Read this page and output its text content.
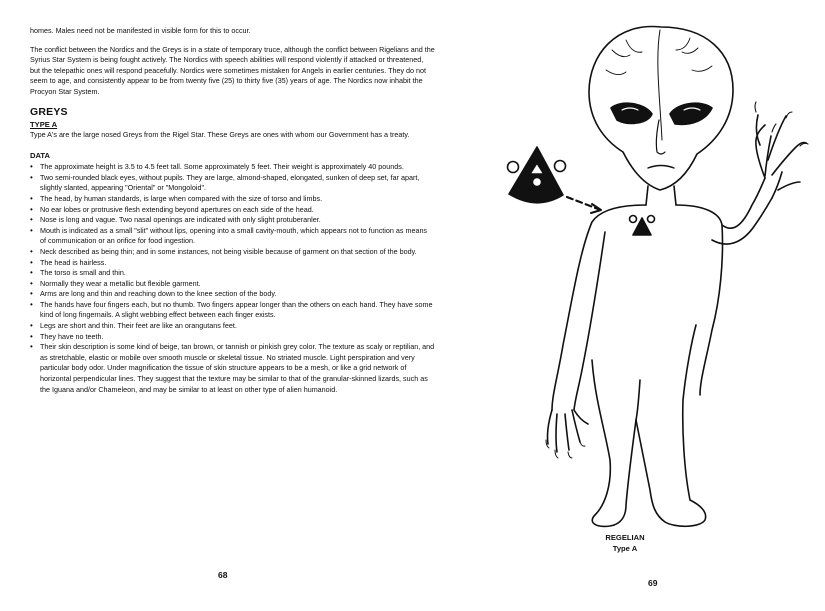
homes. Males need not be manifested in visible form for this to occur.

The conflict between the Nordics and the Greys is in a state of temporary truce, although the conflict between Rigelians and the Syrius Star System is being fought actively. The Nordics with speech abilities will respond violently if attacked or threatened, but the telepathic ones will respond peacefully. Nordics were sometimes mistaken for Angels in earlier centuries. They do not seem to age, and consistently appear to be from twenty five (25) to thirty five (35) years of age. The Nordics now inhabit the Procyon Star System.

GREYS
TYPE A

Type A's are the large nosed Greys from the Rigel Star. These Greys are ones with whom our Government has a treaty.

DATA
• The approximate height is 3.5 to 4.5 feet tall. Some approximately 5 feet. Their weight is approximately 40 pounds.
• Two semi-rounded black eyes, without pupils. They are large, almond-shaped, elongated, sunken of deep set, far apart, slightly slanted, appearing "Oriental" or "Mongoloid".
• The head, by human standards, is large when compared with the size of torso and limbs.
• No ear lobes or protrusive flesh extending beyond apertures on each side of the head.
• Nose is long and vague. Two nasal openings are indicated with only slight protuberanler.
• Mouth is indicated as a small "slit" without lips, opening into a small cavity-mouth, which appears not to function as means of communication or an orifice for food ingestion.
• Neck described as being thin; and in some instances, not being visible because of garment on that section of the body.
• The head is hairless.
• The torso is small and thin.
• Normally they wear a metallic but flexible garment.
• Arms are long and thin and reaching down to the knee section of the body.
• The hands have four fingers each, but no thumb. Two fingers appear longer than the others on each hand. They have some kind of long fingernails. A slight webbing effect between each finger exists.
• Legs are short and thin. Their feet are like an orangutans feet.
• They have no teeth.
• Their skin description is some kind of beige, tan brown, or tannish or pinkish grey color. The texture as scaly or reptilian, and as stretchable, elastic or mobile over smooth muscle or skeletal tissue. No striated muscle. Light perspiration and very particular body odor. Under magnification the tissue of skin structure appears to be a mesh, or like a grid network of horizontal perpendicular lines. They suggest that the texture may be similar to that of the granular-skinned lizards, such as the Iguana and/or Chameleon, and may be similar to at least on other type of alien humanoid.
68
REGELIAN
Type A
69
